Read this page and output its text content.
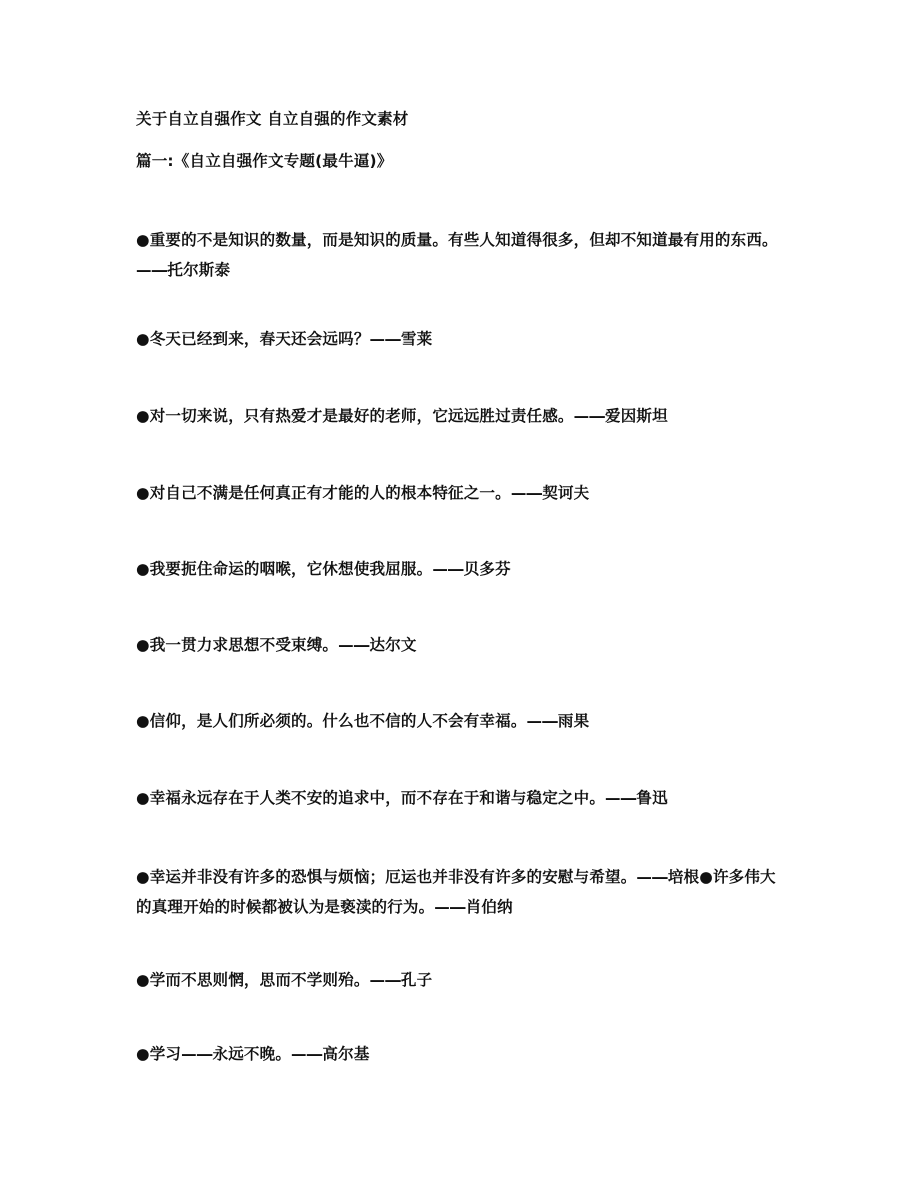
关于自立自强作文 自立自强的作文素材

篇一:《自立自强作文专题(最牛逼)》

●重要的不是知识的数量，而是知识的质量。有些人知道得很多，但却不知道最有用的东西。—―托尔斯泰

●冬天已经到来，春天还会远吗？—―雪莱

●对一切来说，只有热爱才是最好的老师，它远远胜过责任感。—―爱因斯坦

●对自己不满是任何真正有才能的人的根本特征之一。—―契诃夫

●我要扼住命运的咽喉，它休想使我屈服。—―贝多芬

●我一贯力求思想不受束缚。—―达尔文

●信仰，是人们所必须的。什么也不信的人不会有幸福。—―雨果

●幸福永远存在于人类不安的追求中，而不存在于和谐与稳定之中。—―鲁迅

●幸运并非没有许多的恐惧与烦恼；厄运也并非没有许多的安慰与希望。—―培根●许多伟大的真理开始的时候都被认为是亵渎的行为。—―肖伯纳

●学而不思则惘，思而不学则殆。—―孔子

●学习—―永远不晚。—―高尔基
